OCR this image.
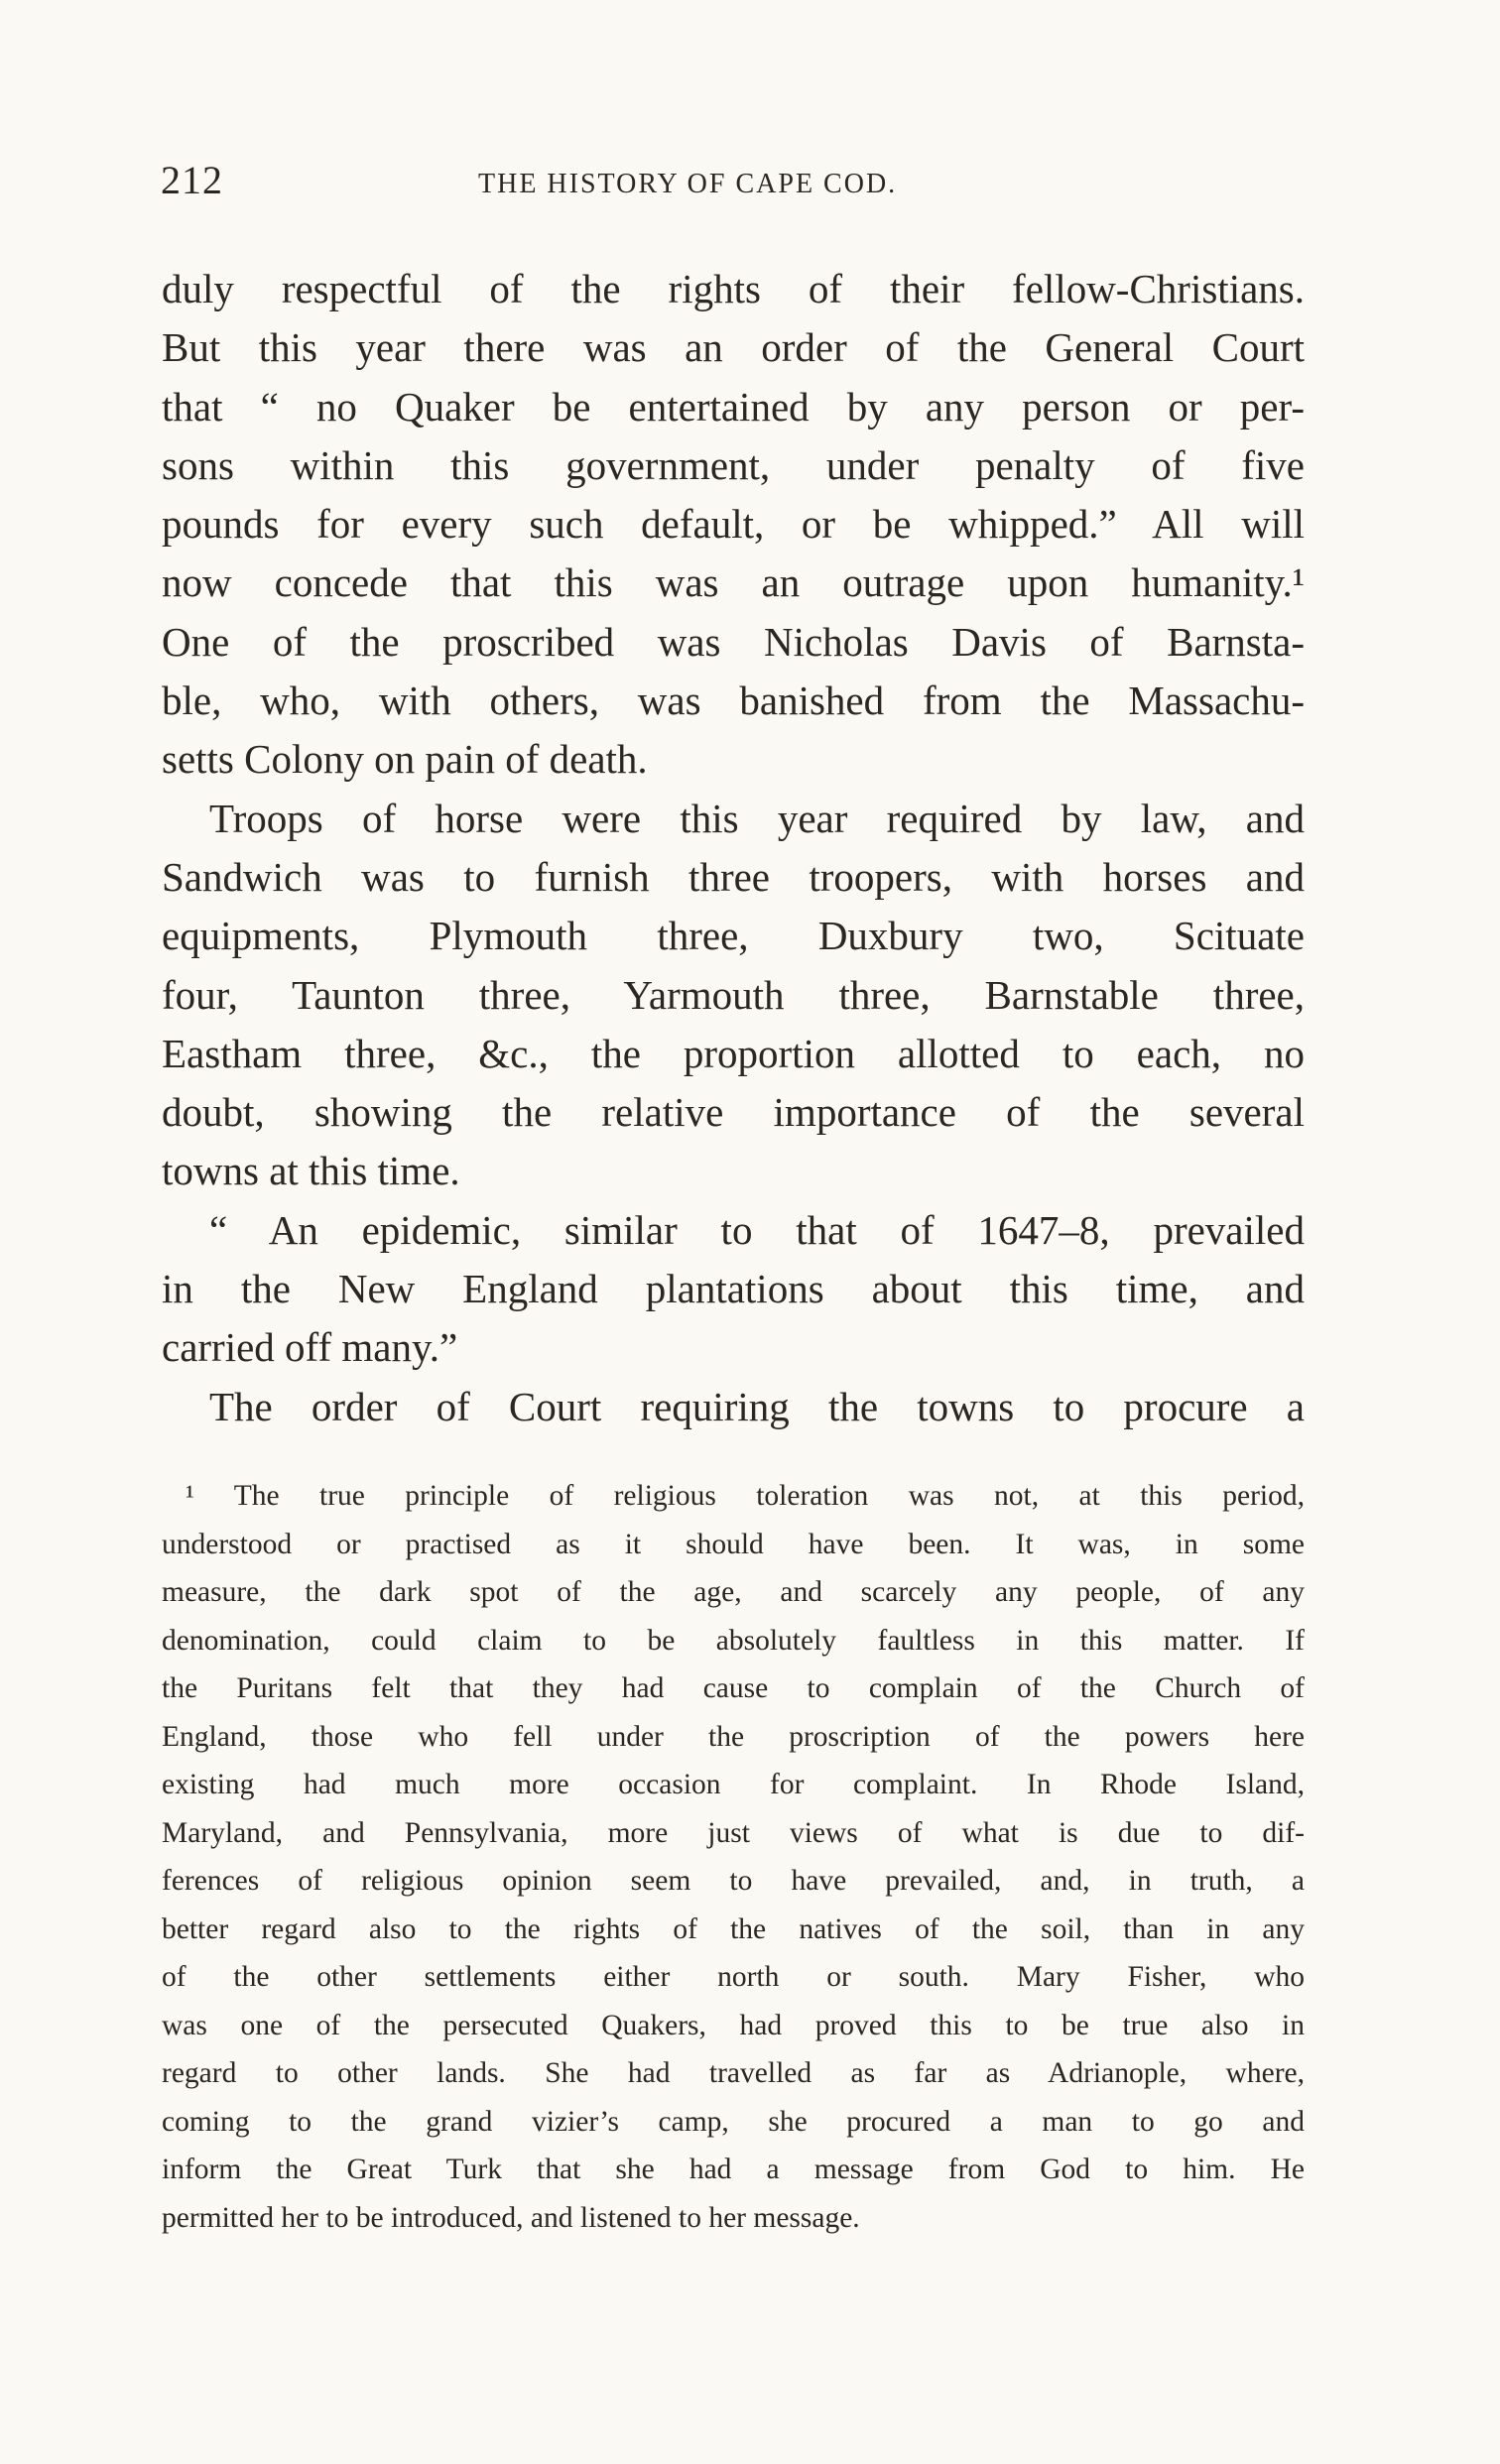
212	THE HISTORY OF CAPE COD.
duly respectful of the rights of their fellow-Christians.
But this year there was an order of the General Court
that “ no Quaker be entertained by any person or per-
sons within this government, under penalty of five
pounds for every such default, or be whipped.” All will
now concede that this was an outrage upon humanity.¹
One of the proscribed was Nicholas Davis of Barnsta-
ble, who, with others, was banished from the Massachu-
setts Colony on pain of death.
Troops of horse were this year required by law, and
Sandwich was to furnish three troopers, with horses and
equipments, Plymouth three, Duxbury two, Scituate
four, Taunton three, Yarmouth three, Barnstable three,
Eastham three, &c., the proportion allotted to each, no
doubt, showing the relative importance of the several
towns at this time.
“ An epidemic, similar to that of 1647–8, prevailed
in the New England plantations about this time, and
carried off many.”
The order of Court requiring the towns to procure a
¹ The true principle of religious toleration was not, at this period,
understood or practised as it should have been. It was, in some
measure, the dark spot of the age, and scarcely any people, of any
denomination, could claim to be absolutely faultless in this matter. If
the Puritans felt that they had cause to complain of the Church of
England, those who fell under the proscription of the powers here
existing had much more occasion for complaint. In Rhode Island,
Maryland, and Pennsylvania, more just views of what is due to dif-
ferences of religious opinion seem to have prevailed, and, in truth, a
better regard also to the rights of the natives of the soil, than in any
of the other settlements either north or south. Mary Fisher, who
was one of the persecuted Quakers, had proved this to be true also in
regard to other lands. She had travelled as far as Adrianople, where,
coming to the grand vizier’s camp, she procured a man to go and
inform the Great Turk that she had a message from God to him. He
permitted her to be introduced, and listened to her message.
